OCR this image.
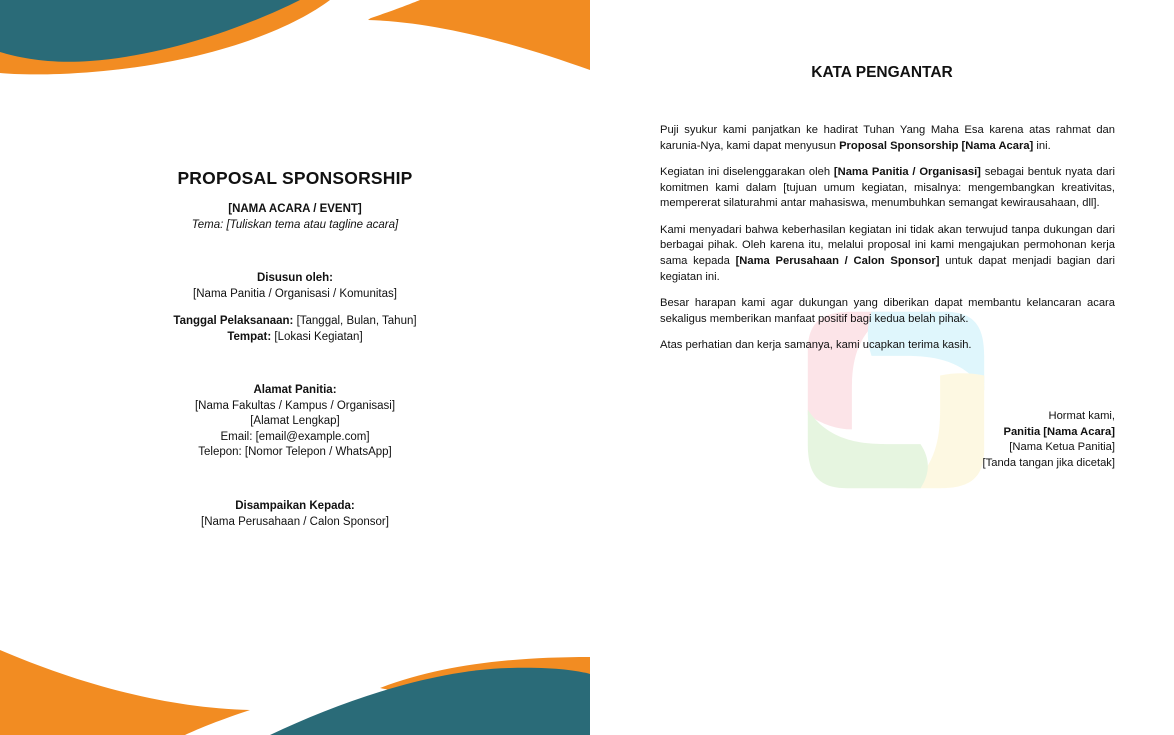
PROPOSAL SPONSORSHIP
[NAMA ACARA / EVENT]
Tema: [Tuliskan tema atau tagline acara]
Disusun oleh:
[Nama Panitia / Organisasi / Komunitas]
Tanggal Pelaksanaan: [Tanggal, Bulan, Tahun]
Tempat: [Lokasi Kegiatan]
Alamat Panitia:
[Nama Fakultas / Kampus / Organisasi]
[Alamat Lengkap]
Email: [email@example.com]
Telepon: [Nomor Telepon / WhatsApp]
Disampaikan Kepada:
[Nama Perusahaan / Calon Sponsor]
KATA PENGANTAR

Puji syukur kami panjatkan ke hadirat Tuhan Yang Maha Esa karena atas rahmat dan karunia-Nya, kami dapat menyusun Proposal Sponsorship [Nama Acara] ini.

Kegiatan ini diselenggarakan oleh [Nama Panitia / Organisasi] sebagai bentuk nyata dari komitmen kami dalam [tujuan umum kegiatan, misalnya: mengembangkan kreativitas, mempererat silaturahmi antar mahasiswa, menumbuhkan semangat kewirausahaan, dll].

Kami menyadari bahwa keberhasilan kegiatan ini tidak akan terwujud tanpa dukungan dari berbagai pihak. Oleh karena itu, melalui proposal ini kami mengajukan permohonan kerja sama kepada [Nama Perusahaan / Calon Sponsor] untuk dapat menjadi bagian dari kegiatan ini.

Besar harapan kami agar dukungan yang diberikan dapat membantu kelancaran acara sekaligus memberikan manfaat positif bagi kedua belah pihak.

Atas perhatian dan kerja samanya, kami ucapkan terima kasih.

Hormat kami,
Panitia [Nama Acara]
[Nama Ketua Panitia]
[Tanda tangan jika dicetak]
